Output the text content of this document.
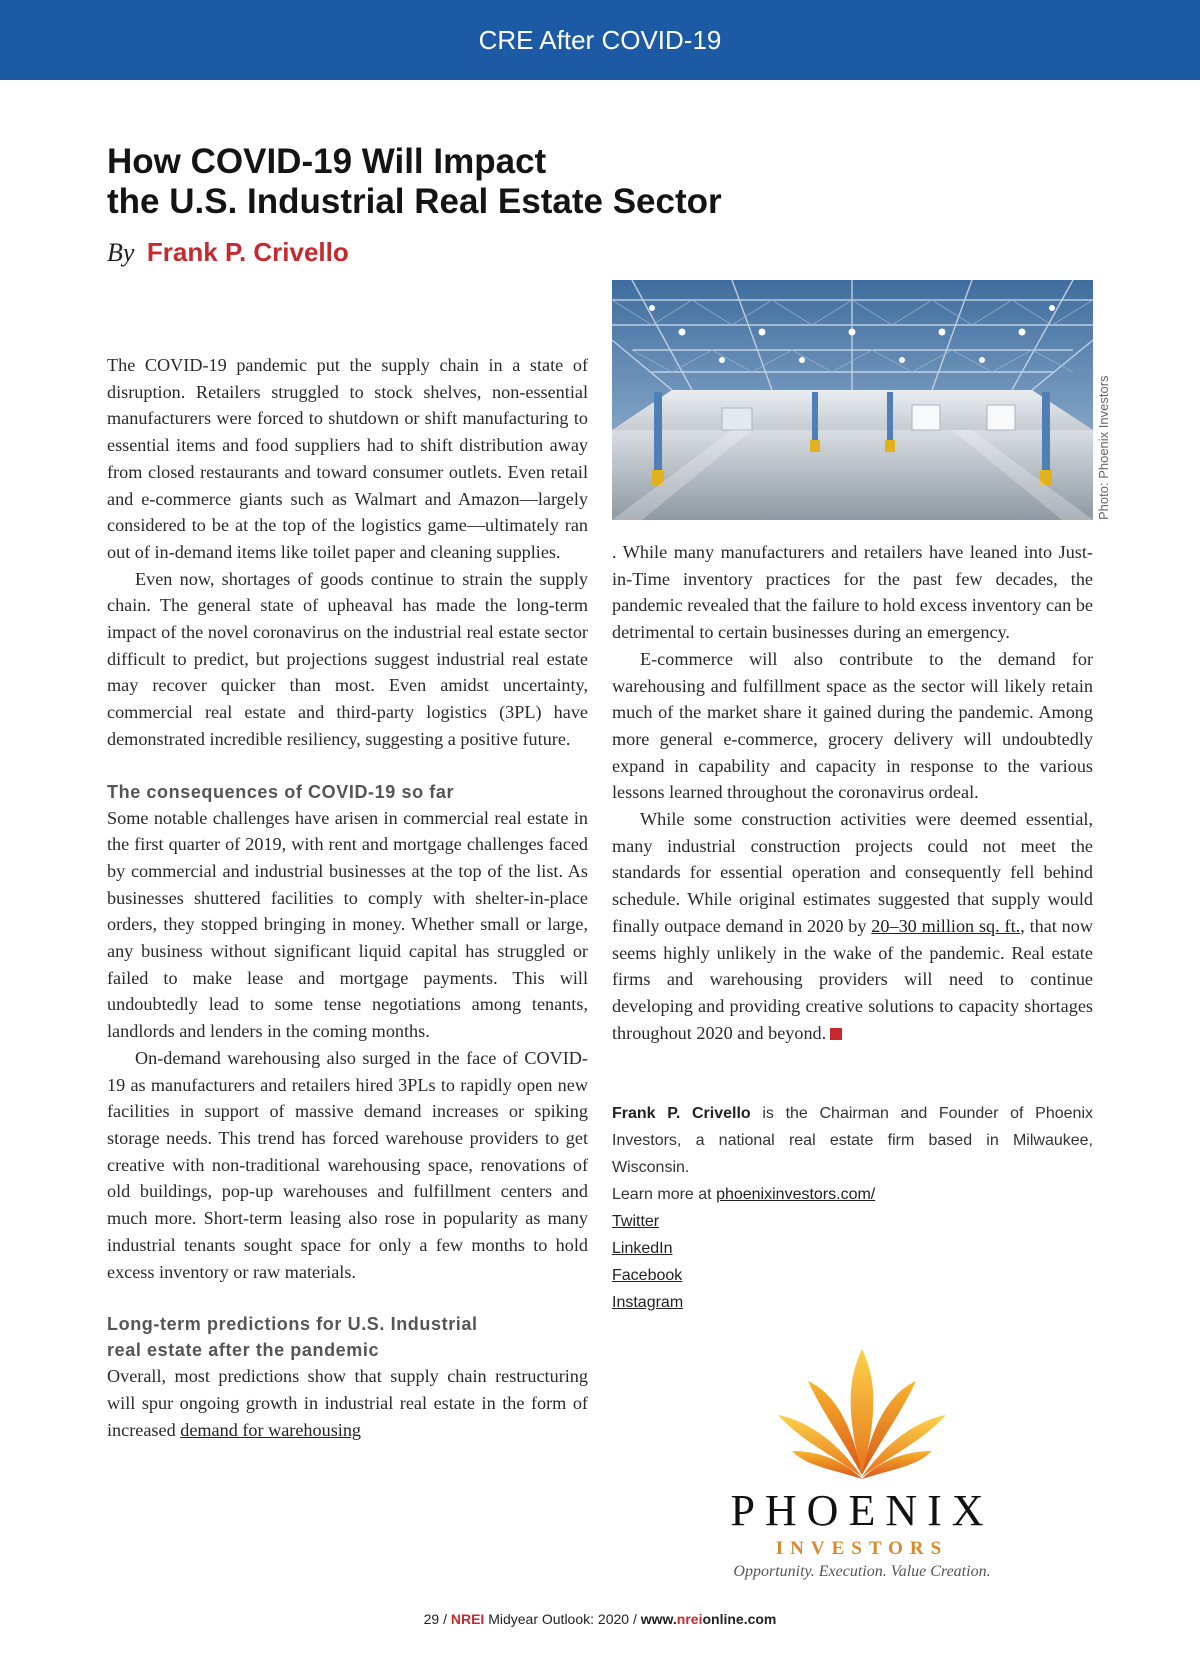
CRE After COVID-19
How COVID-19 Will Impact
the U.S. Industrial Real Estate Sector
By Frank P. Crivello

The COVID-19 pandemic put the supply chain in a state of disruption. Retailers struggled to stock shelves, non-essential manufacturers were forced to shutdown or shift manufacturing to essential items and food suppliers had to shift distribution away from closed restaurants and toward consumer outlets. Even retail and e-commerce giants such as Walmart and Amazon—largely considered to be at the top of the logistics game—ultimately ran out of in-demand items like toilet paper and cleaning supplies.

Even now, shortages of goods continue to strain the supply chain. The general state of upheaval has made the long-term impact of the novel coronavirus on the industrial real estate sector difficult to predict, but projections suggest industrial real estate may recover quicker than most. Even amidst uncertainty, commercial real estate and third-party logistics (3PL) have demonstrated incredible resiliency, suggesting a positive future.

The consequences of COVID-19 so far

Some notable challenges have arisen in commercial real estate in the first quarter of 2019, with rent and mortgage challenges faced by commercial and industrial businesses at the top of the list. As businesses shuttered facilities to comply with shelter-in-place orders, they stopped bringing in money. Whether small or large, any business without significant liquid capital has struggled or failed to make lease and mortgage payments. This will undoubtedly lead to some tense negotiations among tenants, landlords and lenders in the coming months.

On-demand warehousing also surged in the face of COVID-19 as manufacturers and retailers hired 3PLs to rapidly open new facilities in support of massive demand increases or spiking storage needs. This trend has forced warehouse providers to get creative with non-traditional warehousing space, renovations of old buildings, pop-up warehouses and fulfillment centers and much more. Short-term leasing also rose in popularity as many industrial tenants sought space for only a few months to hold excess inventory or raw materials.

Long-term predictions for U.S. Industrial
real estate after the pandemic

Overall, most predictions show that supply chain restructuring will spur ongoing growth in industrial real estate in the form of increased demand for warehousing

Photo: Phoenix Investors

. While many manufacturers and retailers have leaned into Just-in-Time inventory practices for the past few decades, the pandemic revealed that the failure to hold excess inventory can be detrimental to certain businesses during an emergency.

E-commerce will also contribute to the demand for warehousing and fulfillment space as the sector will likely retain much of the market share it gained during the pandemic. Among more general e-commerce, grocery delivery will undoubtedly expand in capability and capacity in response to the various lessons learned throughout the coronavirus ordeal.

While some construction activities were deemed essential, many industrial construction projects could not meet the standards for essential operation and consequently fell behind schedule. While original estimates suggested that supply would finally outpace demand in 2020 by 20–30 million sq. ft., that now seems highly unlikely in the wake of the pandemic. Real estate firms and warehousing providers will need to continue developing and providing creative solutions to capacity shortages throughout 2020 and beyond.

Frank P. Crivello is the Chairman and Founder of Phoenix Investors, a national real estate firm based in Milwaukee, Wisconsin.

Learn more at phoenixinvestors.com/
Twitter
LinkedIn
Facebook
Instagram
PHOENIX
INVESTORS
Opportunity. Execution. Value Creation.
29 / NREI Midyear Outlook: 2020 / www.nreionline.com
